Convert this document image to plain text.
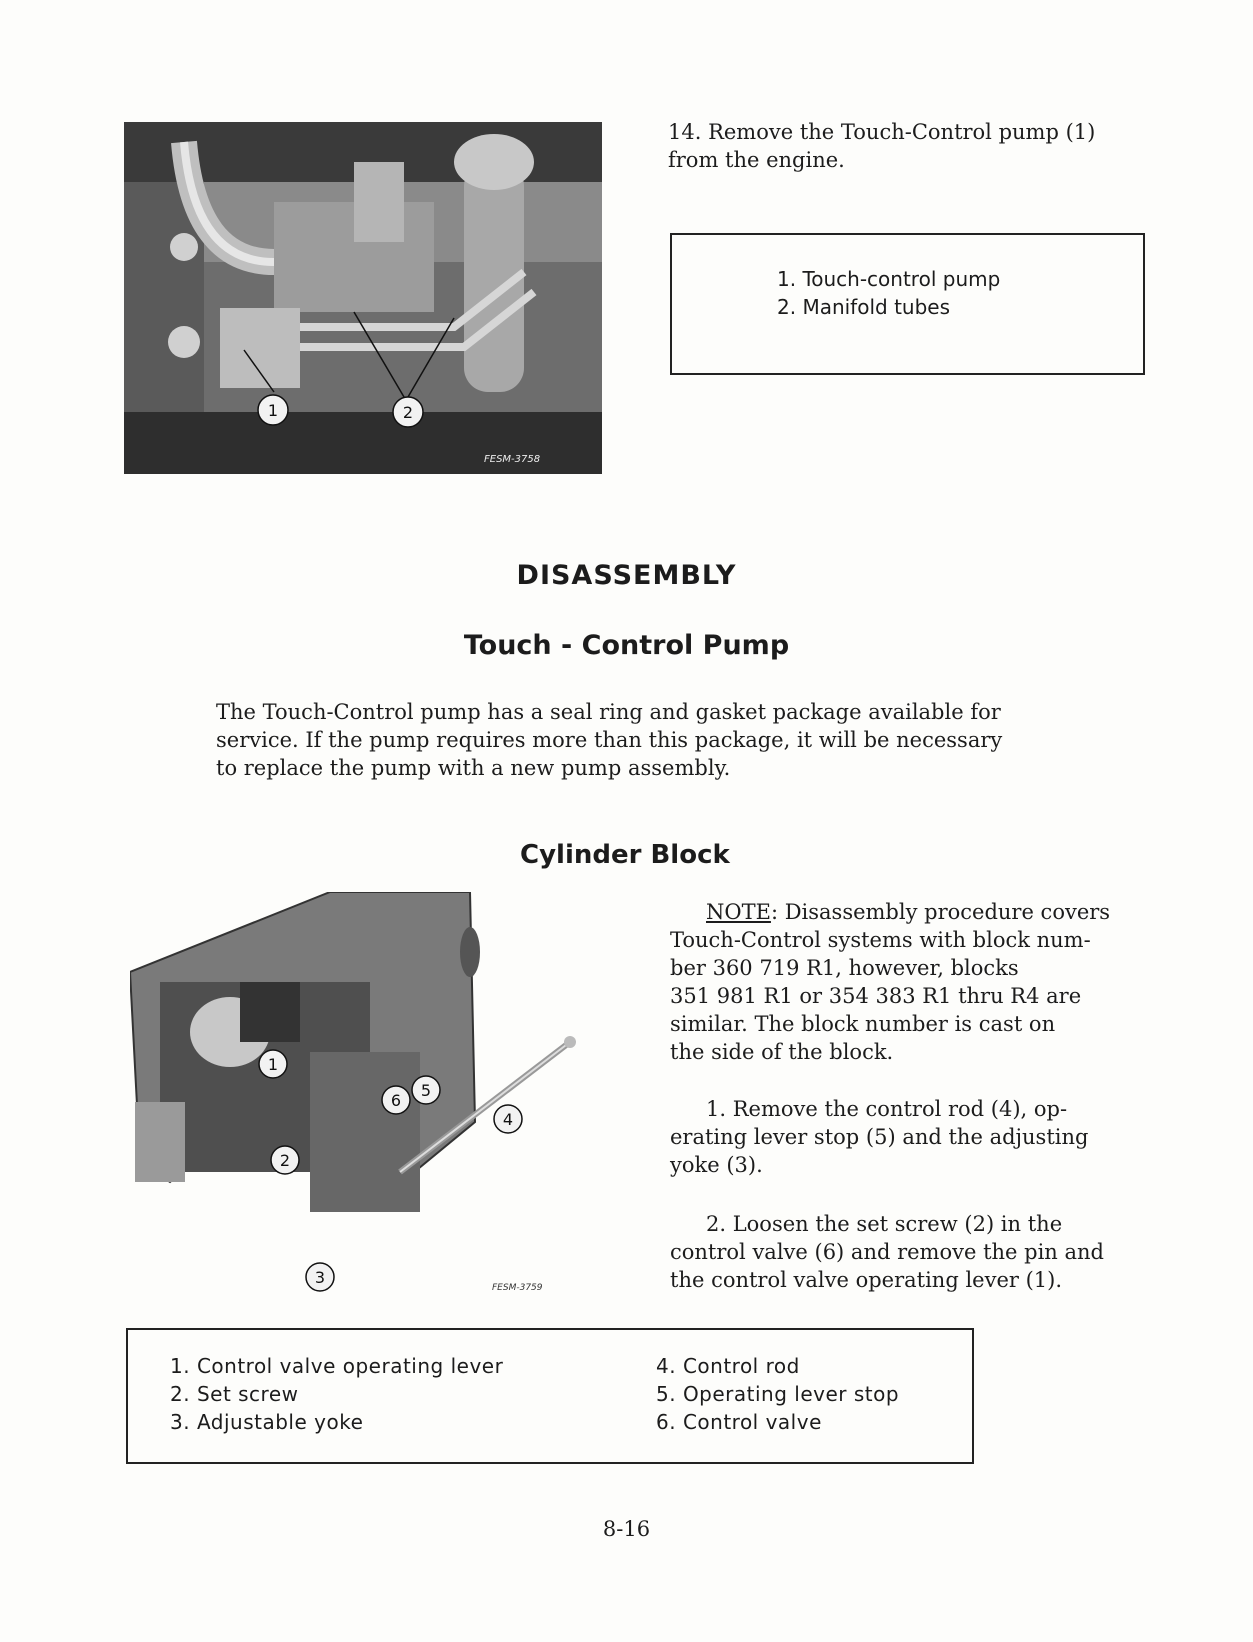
1	2
FESM-3758
14. Remove the Touch-Control pump (1) from the engine.
1. Touch-control pump
2. Manifold tubes
DISASSEMBLY
Touch - Control Pump

The Touch-Control pump has a seal ring and gasket package available for

service. If the pump requires more than this package, it will be necessary

to replace the pump with a new pump assembly.

Cylinder Block
1
2
3
4
5
6
FESM-3759
NOTE: Disassembly procedure covers
Touch-Control systems with block num-
ber 360 719 R1, however, blocks
351 981 R1 or 354 383 R1 thru R4 are
similar. The block number is cast on
the side of the block.
1. Remove the control rod (4), op-
erating lever stop (5) and the adjusting
yoke (3).
2. Loosen the set screw (2) in the
control valve (6) and remove the pin and
the control valve operating lever (1).
1. Control valve operating lever
2. Set screw
3. Adjustable yoke
4. Control rod
5. Operating lever stop
6. Control valve
8-16
